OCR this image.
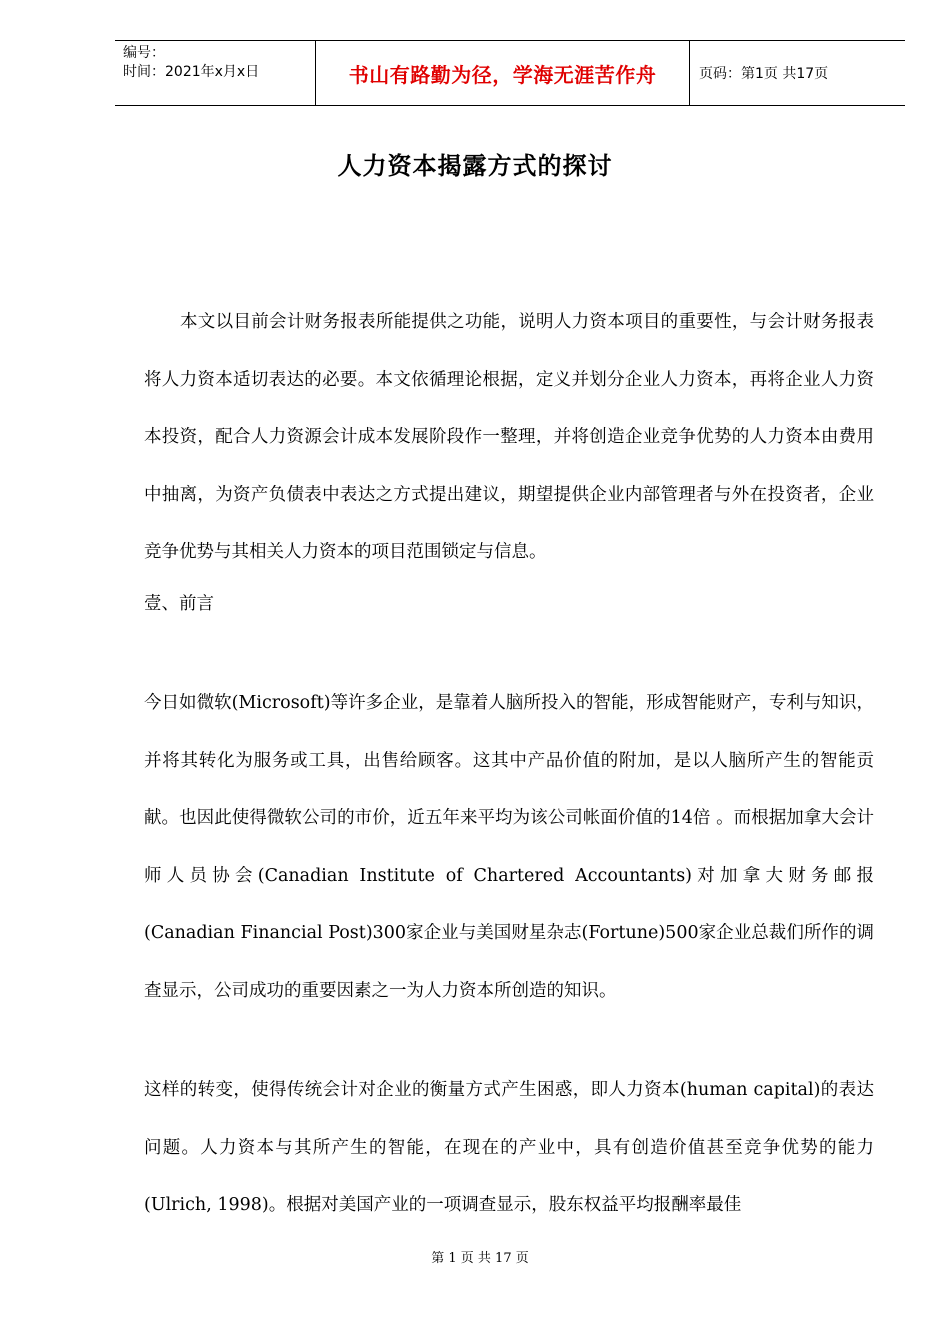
编号：
时间：2021年x月x日	书山有路勤为径，学海无涯苦作舟	页码：第1页 共17页
人力资本揭露方式的探讨

本文以目前会计财务报表所能提供之功能，说明人力资本项目的重要性，与会计财务报表将人力资本适切表达的必要。本文依循理论根据，定义并划分企业人力资本，再将企业人力资本投资，配合人力资源会计成本发展阶段作一整理，并将创造企业竞争优势的人力资本由费用中抽离，为资产负债表中表达之方式提出建议，期望提供企业内部管理者与外在投资者，企业竞争优势与其相关人力资本的项目范围锁定与信息。

壹、前言

今日如微软(Microsoft)等许多企业，是靠着人脑所投入的智能，形成智能财产，专利与知识，并将其转化为服务或工具，出售给顾客。这其中产品价值的附加，是以人脑所产生的智能贡献。也因此使得微软公司的市价，近五年来平均为该公司帐面价值的14倍 。而根据加拿大会计师人员协会(Canadian Institute of Chartered Accountants)对加拿大财务邮报(Canadian Financial Post)300家企业与美国财星杂志(Fortune)500家企业总裁们所作的调查显示，公司成功的重要因素之一为人力资本所创造的知识。

这样的转变，使得传统会计对企业的衡量方式产生困惑，即人力资本(human capital)的表达问题。人力资本与其所产生的智能，在现在的产业中，具有创造价值甚至竞争优势的能力(Ulrich, 1998)。根据对美国产业的一项调查显示，股东权益平均报酬率最佳

第 1 页 共 17 页
